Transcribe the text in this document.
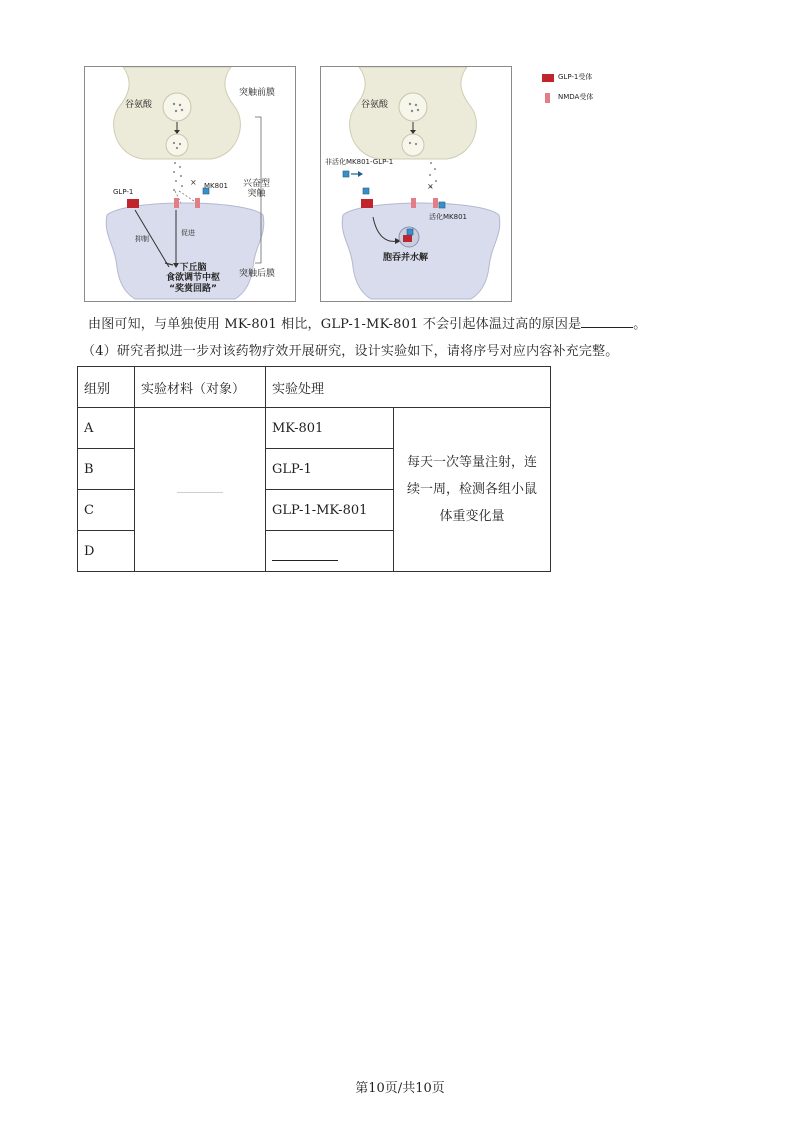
×
谷氨酸
突触前膜
兴奋型
突触
GLP-1
MK801
抑制
促进
下丘脑
食欲调节中枢
“奖赏回路”
突触后膜
×
谷氨酸
非活化MK801-GLP-1
活化MK801
胞吞并水解
GLP-1受体
NMDA受体
由图可知，与单独使用 MK-801 相比，GLP-1-MK-801 不会引起体温过高的原因是	。
（4）研究者拟进一步对该药物疗效开展研究，设计实验如下，请将序号对应内容补充完整。
组别	实验材料（对象）	实验处理	
A		MK-801	每天一次等量注射，连
续一周，检测各组小鼠
体重变化量

B		GLP-1	
C		GLP-1-MK-801	
D			
第10页/共10页
